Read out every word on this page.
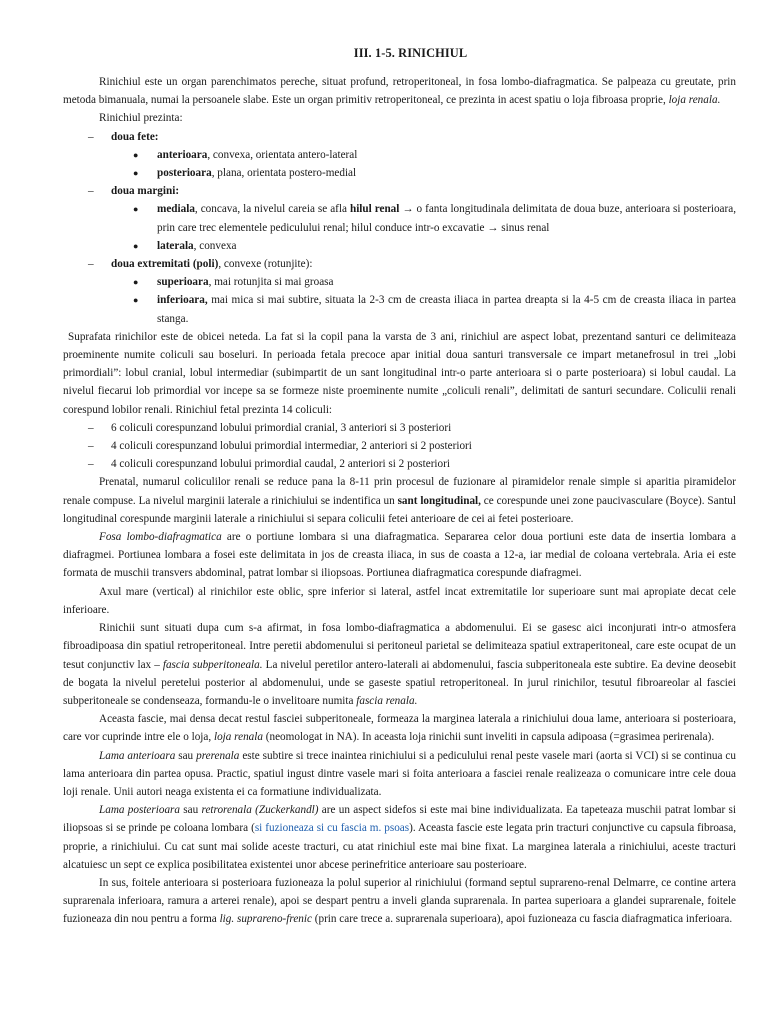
III. 1-5. RINICHIUL

Rinichiul este un organ parenchimatos pereche, situat profund, retroperitoneal, in fosa lombo-diafragmatica. Se palpeaza cu greutate, prin metoda bimanuala, numai la persoanele slabe. Este un organ primitiv retroperitoneal, ce prezinta in acest spatiu o loja fibroasa proprie, loja renala.

Rinichiul prezinta:

– doua fete:
● anterioara, convexa, orientata antero-lateral
● posterioara, plana, orientata postero-medial
– doua margini:
● mediala, concava, la nivelul careia se afla hilul renal → o fanta longitudinala delimitata de doua buze, anterioara si posterioara, prin care trec elementele pediculului renal; hilul conduce intr-o excavatie → sinus renal
● laterala, convexa
– doua extremitati (poli), convexe (rotunjite):
● superioara, mai rotunjita si mai groasa
● inferioara, mai mica si mai subtire, situata la 2-3 cm de creasta iliaca in partea dreapta si la 4-5 cm de creasta iliaca in partea stanga.

Suprafata rinichilor este de obicei neteda. La fat si la copil pana la varsta de 3 ani, rinichiul are aspect lobat, prezentand santuri ce delimiteaza proeminente numite coliculi sau boseluri. In perioada fetala precoce apar initial doua santuri transversale ce impart metanefrosul in trei „lobi primordiali”: lobul cranial, lobul intermediar (subimpartit de un sant longitudinal intr-o parte anterioara si o parte posterioara) si lobul caudal. La nivelul fiecarui lob primordial vor incepe sa se formeze niste proeminente numite „coliculi renali”, delimitati de santuri secundare. Coliculii renali corespund lobilor renali. Rinichiul fetal prezinta 14 coliculi:

– 6 coliculi corespunzand lobului primordial cranial, 3 anteriori si 3 posteriori
– 4 coliculi corespunzand lobului primordial intermediar, 2 anteriori si 2 posteriori
– 4 coliculi corespunzand lobului primordial caudal, 2 anteriori si 2 posteriori

Prenatal, numarul coliculilor renali se reduce pana la 8-11 prin procesul de fuzionare al piramidelor renale simple si aparitia piramidelor renale compuse. La nivelul marginii laterale a rinichiului se indentifica un sant longitudinal, ce corespunde unei zone paucivasculare (Boyce). Santul longitudinal corespunde marginii laterale a rinichiului si separa coliculii fetei anterioare de cei ai fetei posterioare.

Fosa lombo-diafragmatica are o portiune lombara si una diafragmatica. Separarea celor doua portiuni este data de insertia lombara a diafragmei. Portiunea lombara a fosei este delimitata in jos de creasta iliaca, in sus de coasta a 12-a, iar medial de coloana vertebrala. Aria ei este formata de muschii transvers abdominal, patrat lombar si iliopsoas. Portiunea diafragmatica corespunde diafragmei.

Axul mare (vertical) al rinichilor este oblic, spre inferior si lateral, astfel incat extremitatile lor superioare sunt mai apropiate decat cele inferioare.

Rinichii sunt situati dupa cum s-a afirmat, in fosa lombo-diafragmatica a abdomenului. Ei se gasesc aici inconjurati intr-o atmosfera fibroadipoasa din spatiul retroperitoneal. Intre peretii abdomenului si peritoneul parietal se delimiteaza spatiul extraperitoneal, care este ocupat de un tesut conjunctiv lax – fascia subperitoneala. La nivelul peretilor antero-laterali ai abdomenului, fascia subperitoneala este subtire. Ea devine deosebit de bogata la nivelul peretelui posterior al abdomenului, unde se gaseste spatiul retroperitoneal. In jurul rinichilor, tesutul fibroareolar al fasciei subperitoneale se condenseaza, formandu-le o invelitoare numita fascia renala.

Aceasta fascie, mai densa decat restul fasciei subperitoneale, formeaza la marginea laterala a rinichiului doua lame, anterioara si posterioara, care vor cuprinde intre ele o loja, loja renala (neomologat in NA). In aceasta loja rinichii sunt inveliti in capsula adipoasa (=grasimea perirenala).

Lama anterioara sau prerenala este subtire si trece inaintea rinichiului si a pediculului renal peste vasele mari (aorta si VCI) si se continua cu lama anterioara din partea opusa. Practic, spatiul ingust dintre vasele mari si foita anterioara a fasciei renale realizeaza o comunicare intre cele doua loji renale. Unii autori neaga existenta ei ca formatiune individualizata.

Lama posterioara sau retrorenala (Zuckerkandl) are un aspect sidefos si este mai bine individualizata. Ea tapeteaza muschii patrat lombar si iliopsoas si se prinde pe coloana lombara (si fuzioneaza si cu fascia m. psoas). Aceasta fascie este legata prin tracturi conjunctive cu capsula fibroasa, proprie, a rinichiului. Cu cat sunt mai solide aceste tracturi, cu atat rinichiul este mai bine fixat. La marginea laterala a rinichiului, aceste tracturi alcatuiesc un sept ce explica posibilitatea existentei unor abcese perinefritice anterioare sau posterioare.

In sus, foitele anterioara si posterioara fuzioneaza la polul superior al rinichiului (formand septul suprareno-renal Delmarre, ce contine artera suprarenala inferioara, ramura a arterei renale), apoi se despart pentru a inveli glanda suprarenala. In partea superioara a glandei suprarenale, foitele fuzioneaza din nou pentru a forma lig. suprareno-frenic (prin care trece a. suprarenala superioara), apoi fuzioneaza cu fascia diafragmatica inferioara.
